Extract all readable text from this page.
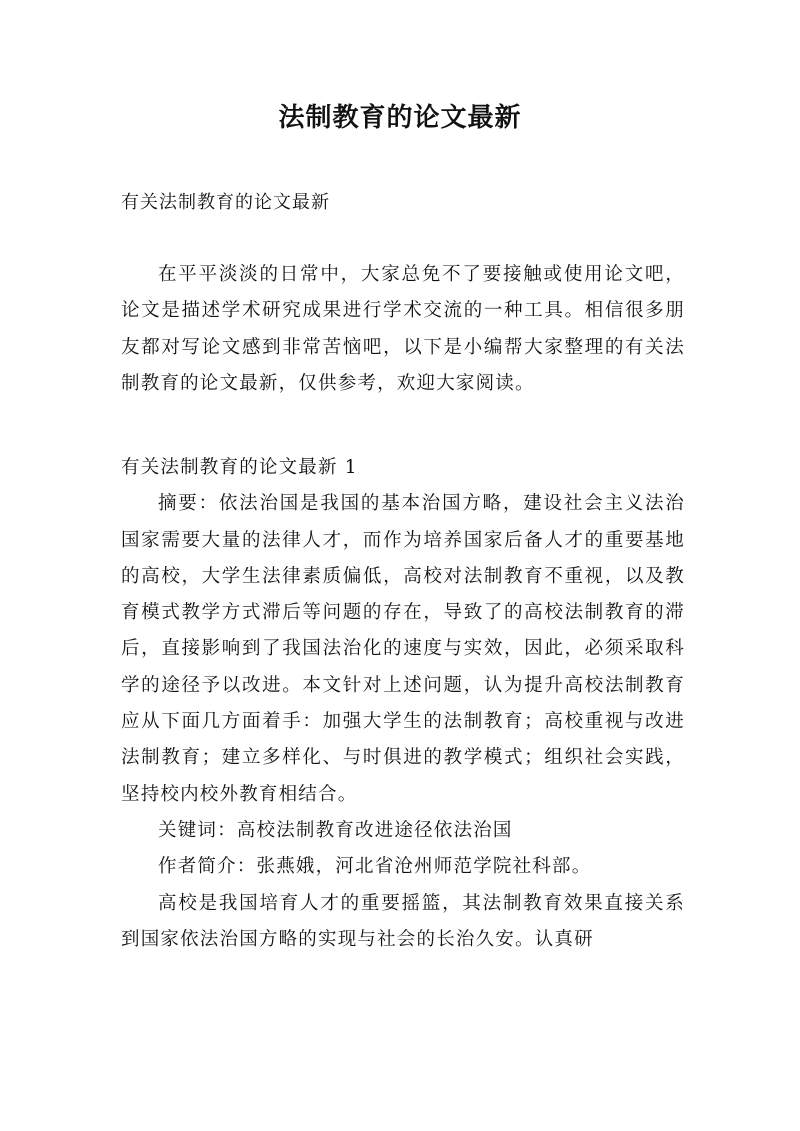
法制教育的论文最新

有关法制教育的论文最新

在平平淡淡的日常中，大家总免不了要接触或使用论文吧，论文是描述学术研究成果进行学术交流的一种工具。相信很多朋友都对写论文感到非常苦恼吧，以下是小编帮大家整理的有关法制教育的论文最新，仅供参考，欢迎大家阅读。

有关法制教育的论文最新 1

摘要：依法治国是我国的基本治国方略，建设社会主义法治国家需要大量的法律人才，而作为培养国家后备人才的重要基地的高校，大学生法律素质偏低，高校对法制教育不重视，以及教育模式教学方式滞后等问题的存在，导致了的高校法制教育的滞后，直接影响到了我国法治化的速度与实效，因此，必须采取科学的途径予以改进。本文针对上述问题，认为提升高校法制教育应从下面几方面着手：加强大学生的法制教育；高校重视与改进法制教育；建立多样化、与时俱进的教学模式；组织社会实践，坚持校内校外教育相结合。

关键词：高校法制教育改进途径依法治国

作者简介：张燕娥，河北省沧州师范学院社科部。

高校是我国培育人才的重要摇篮，其法制教育效果直接关系到国家依法治国方略的实现与社会的长治久安。认真研
